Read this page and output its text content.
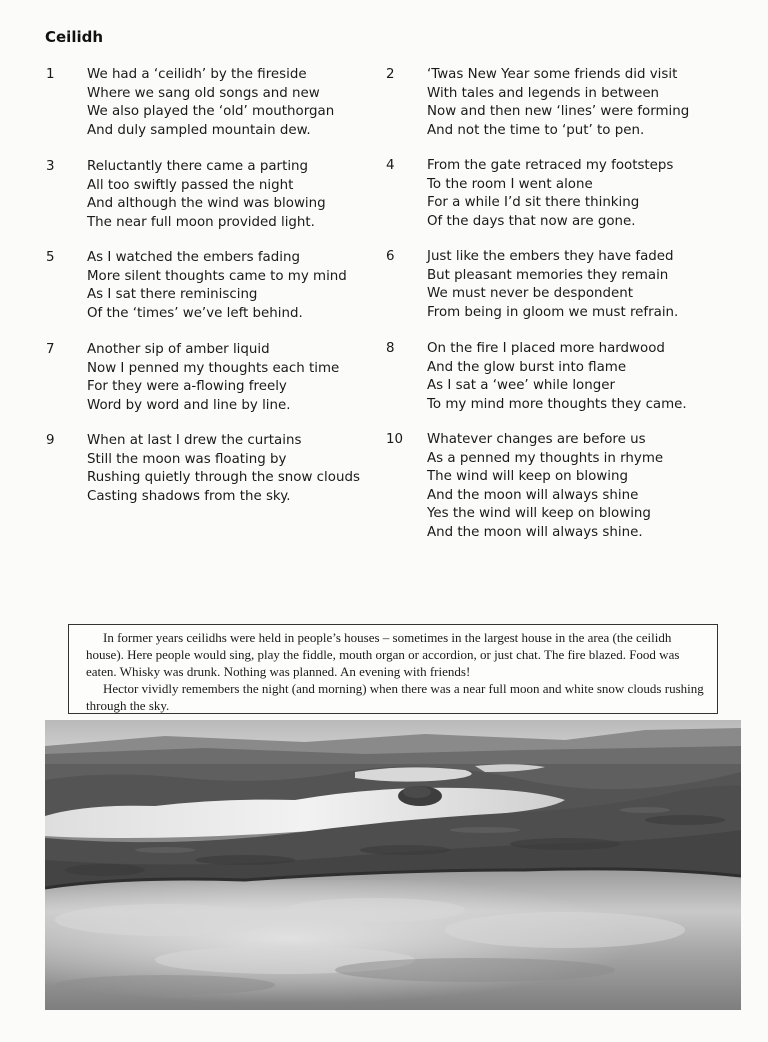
Ceilidh
1	We had a ‘ceilidh’ by the fireside
Where we sang old songs and new
We also played the ‘old’ mouthorgan
And duly sampled mountain dew.
2	‘Twas New Year some friends did visit
With tales and legends in between
Now and then new ‘lines’ were forming
And not the time to ‘put’ to pen.
3	Reluctantly there came a parting
All too swiftly passed the night
And although the wind was blowing
The near full moon provided light.
4	From the gate retraced my footsteps
To the room I went alone
For a while I’d sit there thinking
Of the days that now are gone.
5	As I watched the embers fading
More silent thoughts came to my mind
As I sat there reminiscing
Of the ‘times’ we’ve left behind.
6	Just like the embers they have faded
But pleasant memories they remain
We must never be despondent
From being in gloom we must refrain.
7	Another sip of amber liquid
Now I penned my thoughts each time
For they were a-flowing freely
Word by word and line by line.
8	On the fire I placed more hardwood
And the glow burst into flame
As I sat a ‘wee’ while longer
To my mind more thoughts they came.
9	When at last I drew the curtains
Still the moon was floating by
Rushing quietly through the snow clouds
Casting shadows from the sky.
10	Whatever changes are before us
As a penned my thoughts in rhyme
The wind will keep on blowing
And the moon will always shine
Yes the wind will keep on blowing
And the moon will always shine.

In former years ceilidhs were held in people’s houses – sometimes in the largest house in the area (the ceilidh house). Here people would sing, play the fiddle, mouth organ or accordion, or just chat. The fire blazed. Food was eaten. Whisky was drunk. Nothing was planned. An evening with friends!

Hector vividly remembers the night (and morning) when there was a near full moon and white snow clouds rushing through the sky.
